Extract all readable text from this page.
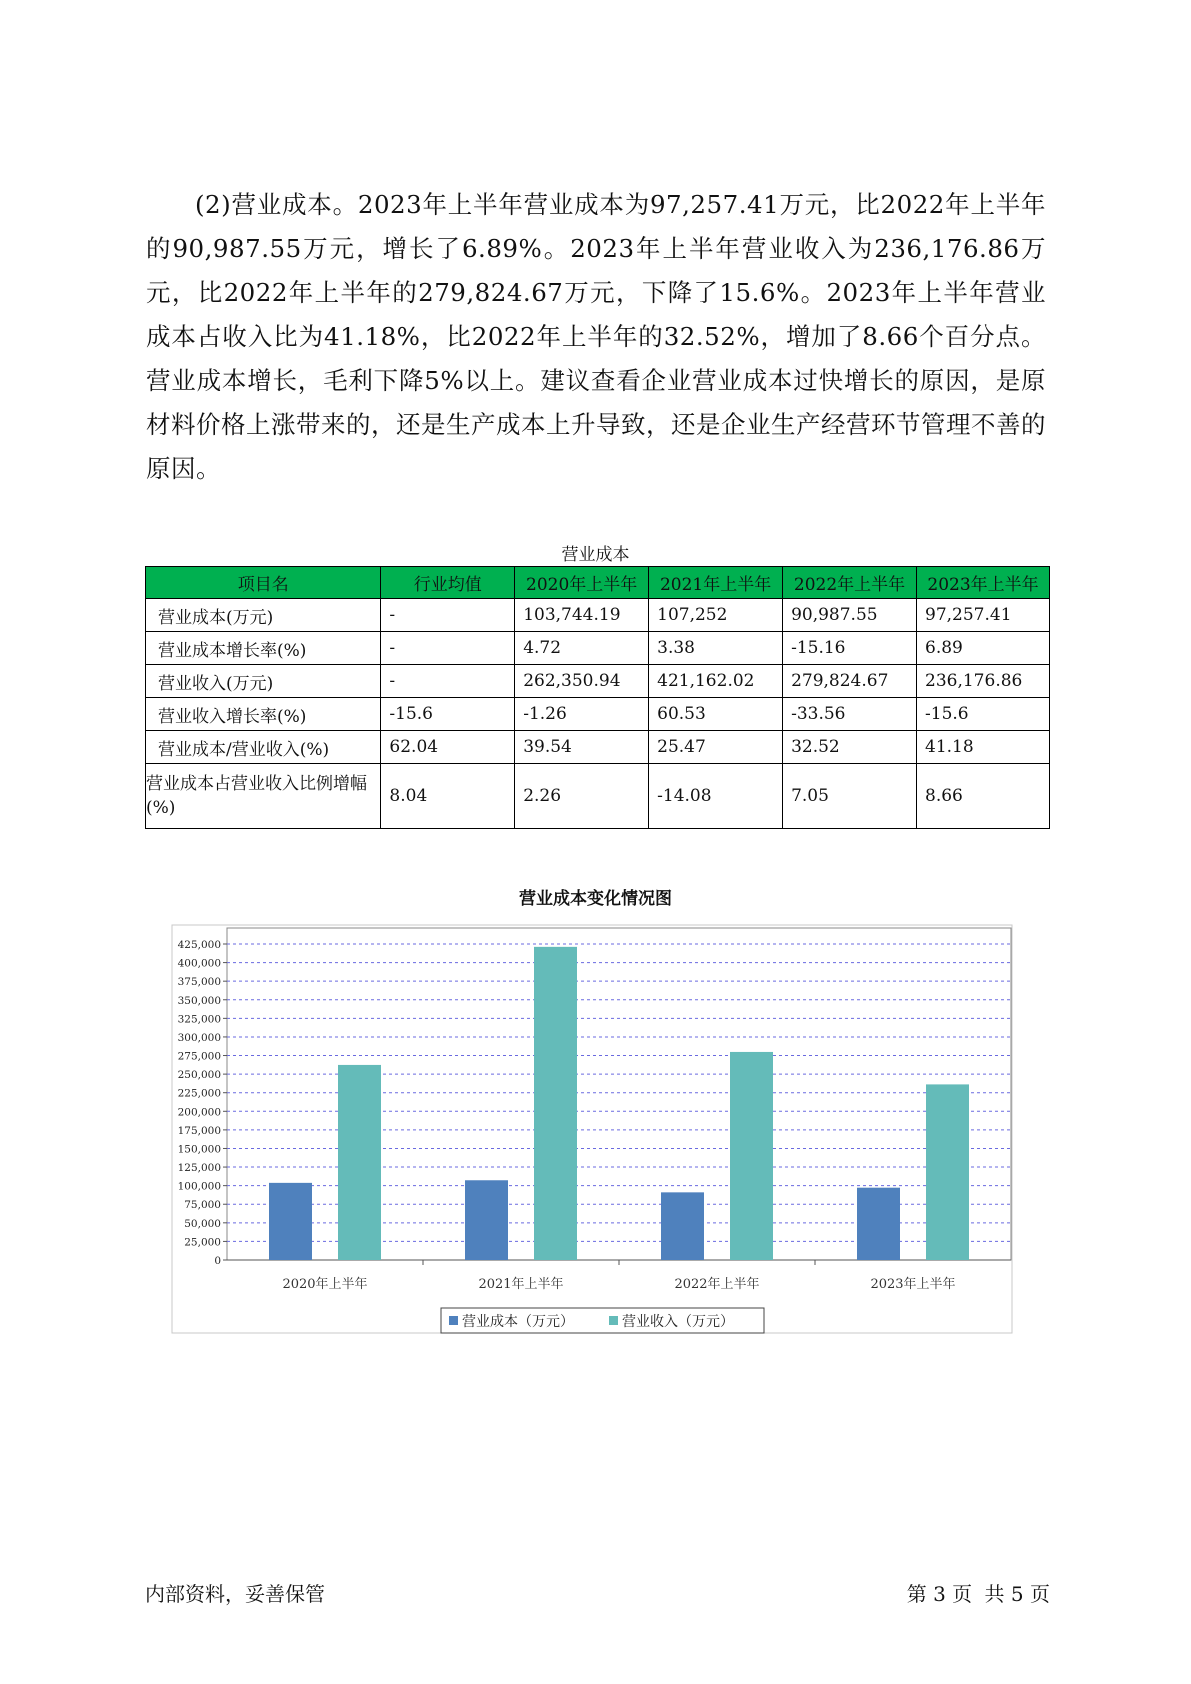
(2)营业成本。2023年上半年营业成本为97,257.41万元，比2022年上半年的90,987.55万元，增长了6.89%。2023年上半年营业收入为236,176.86万元，比2022年上半年的279,824.67万元，下降了15.6%。2023年上半年营业成本占收入比为41.18%，比2022年上半年的32.52%，增加了8.66个百分点。营业成本增长，毛利下降5%以上。建议查看企业营业成本过快增长的原因，是原材料价格上涨带来的，还是生产成本上升导致，还是企业生产经营环节管理不善的原因。
营业成本
项目名	行业均值	2020年上半年	2021年上半年	2022年上半年	2023年上半年
营业成本(万元)	-	103,744.19	107,252	90,987.55	97,257.41
营业成本增长率(%)	-	4.72	3.38	-15.16	6.89
营业收入(万元)	-	262,350.94	421,162.02	279,824.67	236,176.86
营业收入增长率(%)	-15.6	-1.26	60.53	-33.56	-15.6
营业成本/营业收入(%)	62.04	39.54	25.47	32.52	41.18
营业成本占营业收入比例增幅(%)	8.04	2.26	-14.08	7.05	8.66
营业成本变化情况图
0
25,000
50,000
75,000
100,000
125,000
150,000
175,000
200,000
225,000
250,000
275,000
300,000
325,000
350,000
375,000
400,000
425,000
2020年上半年	2021年上半年	2022年上半年	2023年上半年
营业成本（万元）	营业收入（万元）
内部资料，妥善保管	第 3 页 共 5 页
